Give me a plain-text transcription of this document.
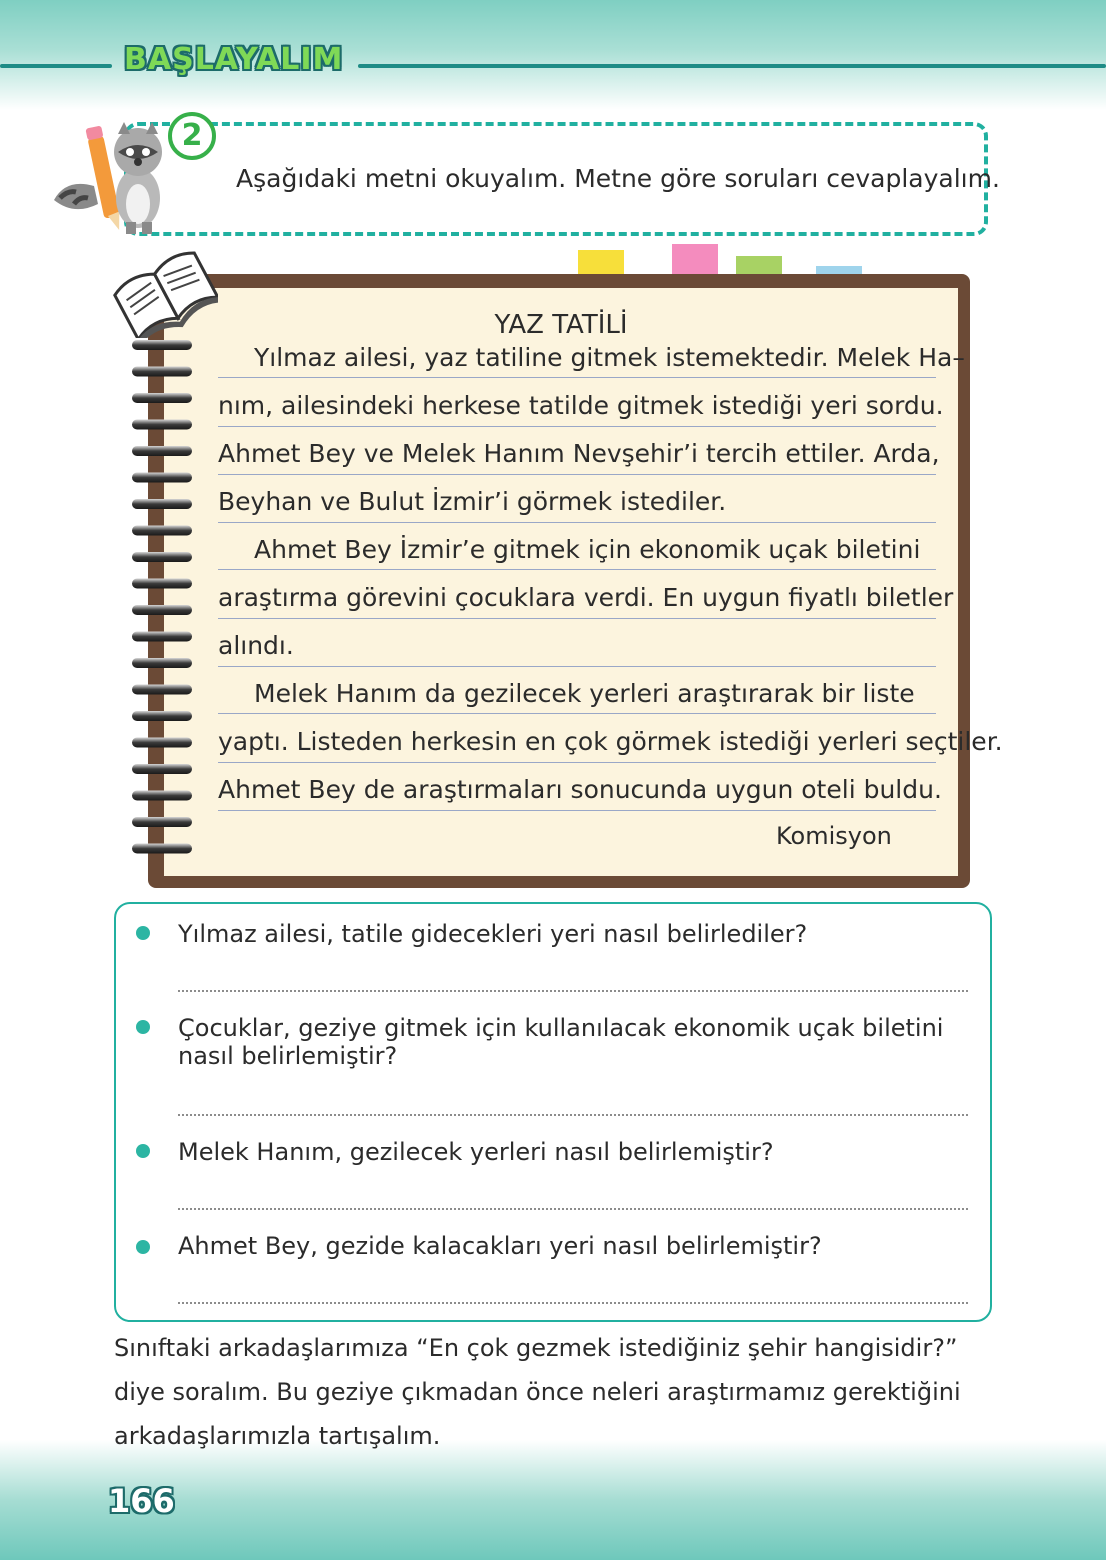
BAŞLAYALIM
2
Aşağıdaki metni okuyalım. Metne göre soruları cevaplayalım.
YAZ TATİLİ
Yılmaz ailesi, yaz tatiline gitmek istemektedir. Melek Ha–
nım, ailesindeki herkese tatilde gitmek istediği yeri sordu.
Ahmet Bey ve Melek Hanım Nevşehir’i tercih ettiler. Arda,
Beyhan ve Bulut İzmir’i görmek istediler.
Ahmet Bey İzmir’e gitmek için ekonomik uçak biletini
araştırma görevini çocuklara verdi. En uygun fiyatlı biletler
alındı.
Melek Hanım da gezilecek yerleri araştırarak bir liste
yaptı. Listeden herkesin en çok görmek istediği yerleri seçtiler.
Ahmet Bey de araştırmaları sonucunda uygun oteli buldu.
Komisyon
Yılmaz ailesi, tatile gidecekleri yeri nasıl belirlediler?
Çocuklar, geziye gitmek için kullanılacak ekonomik uçak biletini nasıl belirlemiştir?
Melek Hanım, gezilecek yerleri nasıl belirlemiştir?
Ahmet Bey, gezide kalacakları yeri nasıl belirlemiştir?
Sınıftaki arkadaşlarımıza “En çok gezmek istediğiniz şehir hangisidir?”
diye soralım. Bu geziye çıkmadan önce neleri araştırmamız gerektiğini
arkadaşlarımızla tartışalım.
166
